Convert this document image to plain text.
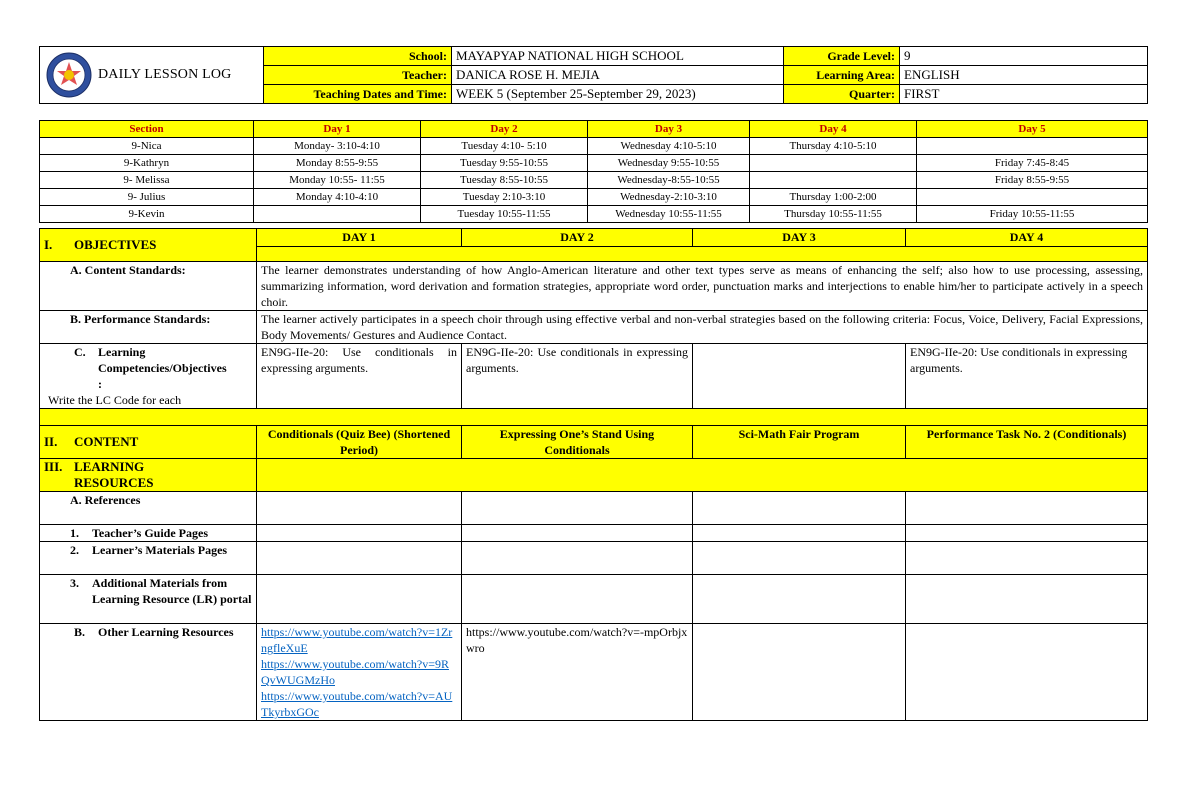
DAILY LESSON LOG	School:	MAYAPYAP NATIONAL HIGH SCHOOL	Grade Level:	9
	Teacher:	DANICA ROSE H. MEJIA	Learning Area:	ENGLISH
	Teaching Dates and Time:	WEEK 5 (September 25-September 29, 2023)	Quarter:	FIRST
Section	Day 1	Day 2	Day 3	Day 4	Day 5
9-Nica	Monday- 3:10-4:10	Tuesday 4:10- 5:10	Wednesday 4:10-5:10	Thursday 4:10-5:10	
9-Kathryn	Monday 8:55-9:55	Tuesday 9:55-10:55	Wednesday 9:55-10:55		Friday 7:45-8:45
9- Melissa	Monday 10:55- 11:55	Tuesday 8:55-10:55	Wednesday-8:55-10:55		Friday 8:55-9:55
9- Julius	Monday 4:10-4:10	Tuesday 2:10-3:10	Wednesday-2:10-3:10	Thursday 1:00-2:00	
9-Kevin		Tuesday 10:55-11:55	Wednesday 10:55-11:55	Thursday 10:55-11:55	Friday 10:55-11:55
I. OBJECTIVES	DAY 1	DAY 2	DAY 3	DAY 4

A. Content Standards:	The learner demonstrates understanding of how Anglo-American literature and other text types serve as means of enhancing the self; also how to use processing, assessing, summarizing information, word derivation and formation strategies, appropriate word order, punctuation marks and interjections to enable him/her to participate actively in a speech choir.			
B. Performance Standards:	The learner actively participates in a speech choir through using effective verbal and non-verbal strategies based on the following criteria: Focus, Voice, Delivery, Facial Expressions, Body Movements/ Gestures and Audience Contact.			

C. Learning
Competencies/Objectives
:
Write the LC Code for each	EN9G-IIe-20: Use conditionals in expressing arguments.	EN9G-IIe-20: Use conditionals in expressing arguments.		EN9G-IIe-20: Use conditionals in expressing arguments.

II. CONTENT	Conditionals (Quiz Bee) (Shortened Period)	Expressing One’s Stand Using Conditionals	Sci-Math Fair Program	Performance Task No. 2 (Conditionals)

III. LEARNING
RESOURCES				

A. References				

1. Teacher’s Guide Pages				

2. Learner’s Materials Pages				

3. Additional Materials from Learning Resource (LR) portal				

B. Other Learning Resources	https://www.youtube.com/watch?v=1ZrngfleXuE
https://www.youtube.com/watch?v=9RQvWUGMzHo
https://www.youtube.com/watch?v=AUTkyrbxGOc	https://www.youtube.com/watch?v=-mpOrbjxwro		
